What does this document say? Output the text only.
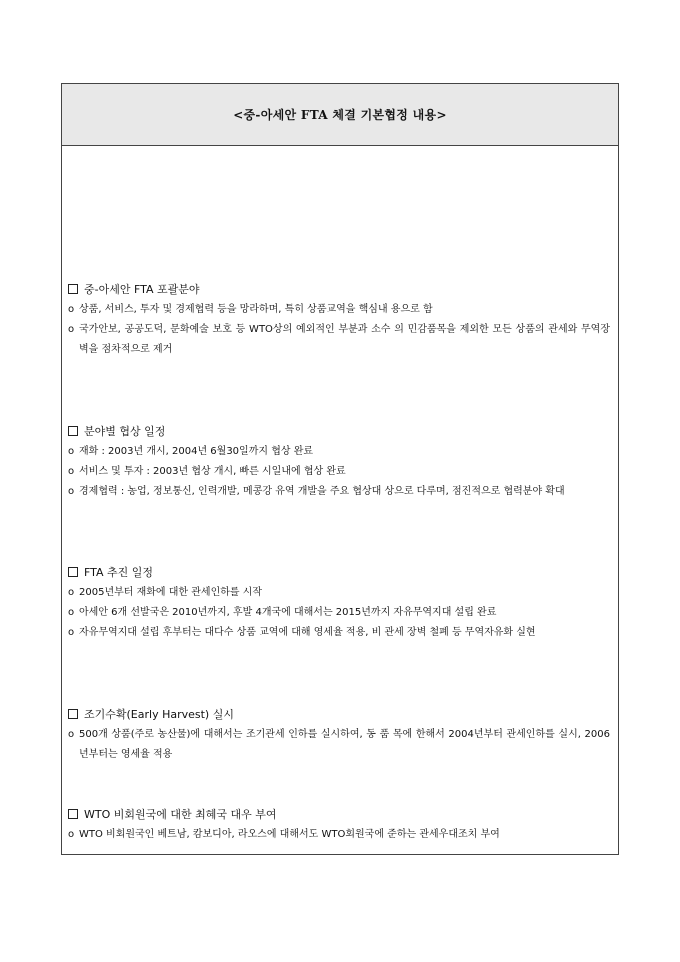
<중-아세안 FTA 체결 기본협정 내용>
중-아세안 FTA 포괄분야
ο 상품, 서비스, 투자 및 경제협력 등을 망라하며, 특히 상품교역을 핵심내 용으로 함
ο 국가안보, 공공도덕, 문화예술 보호 등 WTO상의 예외적인 부분과 소수 의 민감품목을 제외한 모든 상품의 관세와 무역장벽을 점차적으로 제거
분야별 협상 일정
ο 재화 : 2003년 개시, 2004년 6월30일까지 협상 완료
ο 서비스 및 투자 : 2003년 협상 개시, 빠른 시일내에 협상 완료
ο 경제협력 : 농업, 정보통신, 인력개발, 메콩강 유역 개발을 주요 협상대 상으로 다루며, 점진적으로 협력분야 확대
FTA 추진 일정
ο 2005년부터 재화에 대한 관세인하를 시작
ο 아세안 6개 선발국은 2010년까지, 후발 4개국에 대해서는 2015년까지 자유무역지대 설립 완료
ο 자유무역지대 설립 후부터는 대다수 상품 교역에 대해 영세율 적용, 비 관세 장벽 철폐 등 무역자유화 실현
조기수확(Early Harvest) 실시
ο 500개 상품(주로 농산물)에 대해서는 조기관세 인하를 실시하여, 동 품 목에 한해서 2004년부터 관세인하를 실시, 2006년부터는 영세율 적용
WTO 비회원국에 대한 최혜국 대우 부여
ο WTO 비회원국인 베트남, 캄보디아, 라오스에 대해서도 WTO회원국에 준하는 관세우대조치 부여
